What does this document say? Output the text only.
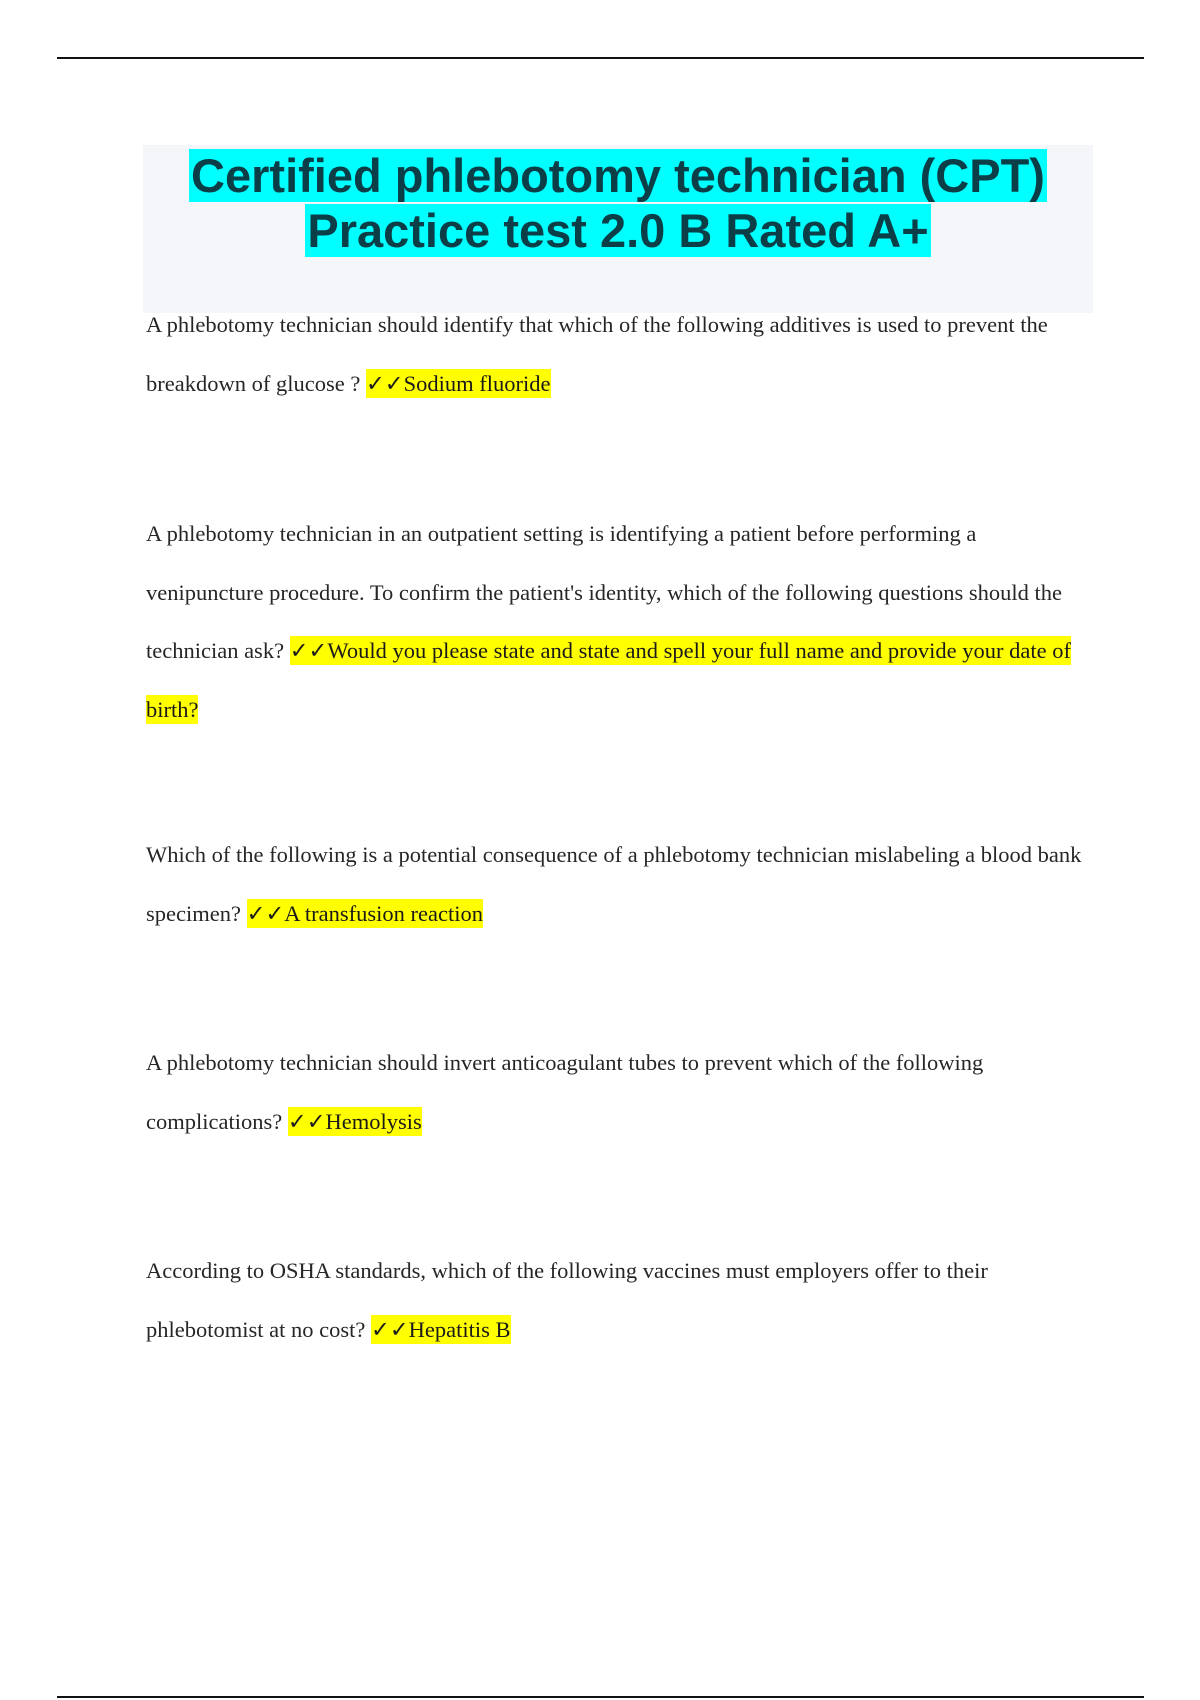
Certified phlebotomy technician (CPT)
Practice test 2.0 B Rated A+

A phlebotomy technician should identify that which of the following additives is used to prevent the breakdown of glucose ? ✓✓Sodium fluoride

A phlebotomy technician in an outpatient setting is identifying a patient before performing a venipuncture procedure. To confirm the patient's identity, which of the following questions should the technician ask? ✓✓Would you please state and state and spell your full name and provide your date of birth?

Which of the following is a potential consequence of a phlebotomy technician mislabeling a blood bank specimen? ✓✓A transfusion reaction

A phlebotomy technician should invert anticoagulant tubes to prevent which of the following complications? ✓✓Hemolysis

According to OSHA standards, which of the following vaccines must employers offer to their phlebotomist at no cost? ✓✓Hepatitis B
